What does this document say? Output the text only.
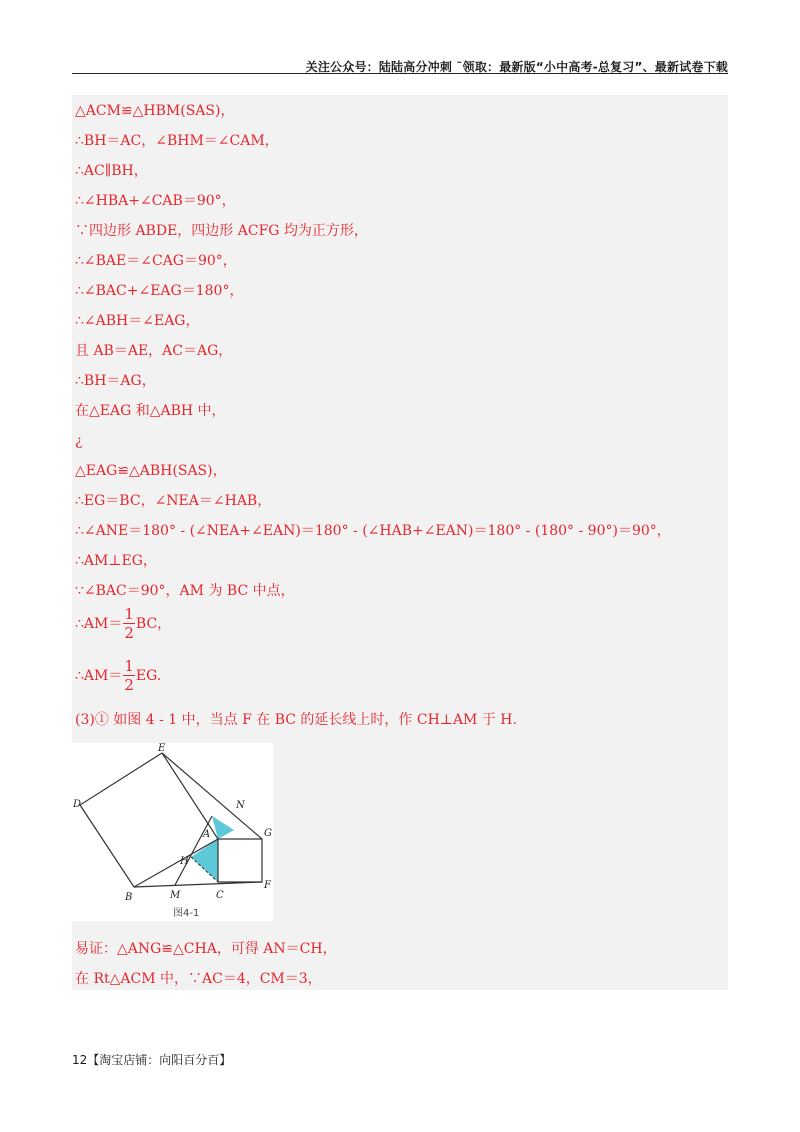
关注公众号：陆陆高分冲刺 ˜领取：最新版“小中高考-总复习”、最新试卷下载
△ACM≌△HBM(SAS)，
∴BH＝AC，∠BHM＝∠CAM，
∴AC∥BH，
∴∠HBA+∠CAB＝90°，
∵四边形 ABDE，四边形 ACFG 均为正方形，
∴∠BAE＝∠CAG＝90°，
∴∠BAC+∠EAG＝180°，
∴∠ABH＝∠EAG，
且 AB＝AE，AC＝AG，
∴BH＝AG，
在△EAG 和△ABH 中，
¿
△EAG≌△ABH(SAS)，
∴EG＝BC，∠NEA＝∠HAB，
∴∠ANE＝180° - (∠NEA+∠EAN)＝180° - (∠HAB+∠EAN)＝180° - (180° - 90°)＝90°，
∴AM⊥EG，
∵∠BAC＝90°，AM 为 BC 中点，
∴AM＝ $\frac{1}{2}$ BC，
∴AM＝ $\frac{1}{2}$ EG.
(3)① 如图 4 - 1 中，当点 F 在 BC 的延长线上时，作 CH⊥AM 于 H.
E
D	N
A	G
H
B	M	C
F
图4-1
易证：△ANG≌△CHA，可得 AN＝CH，
在 Rt△ACM 中，∵AC＝4，CM＝3，
12【淘宝店铺：向阳百分百】
